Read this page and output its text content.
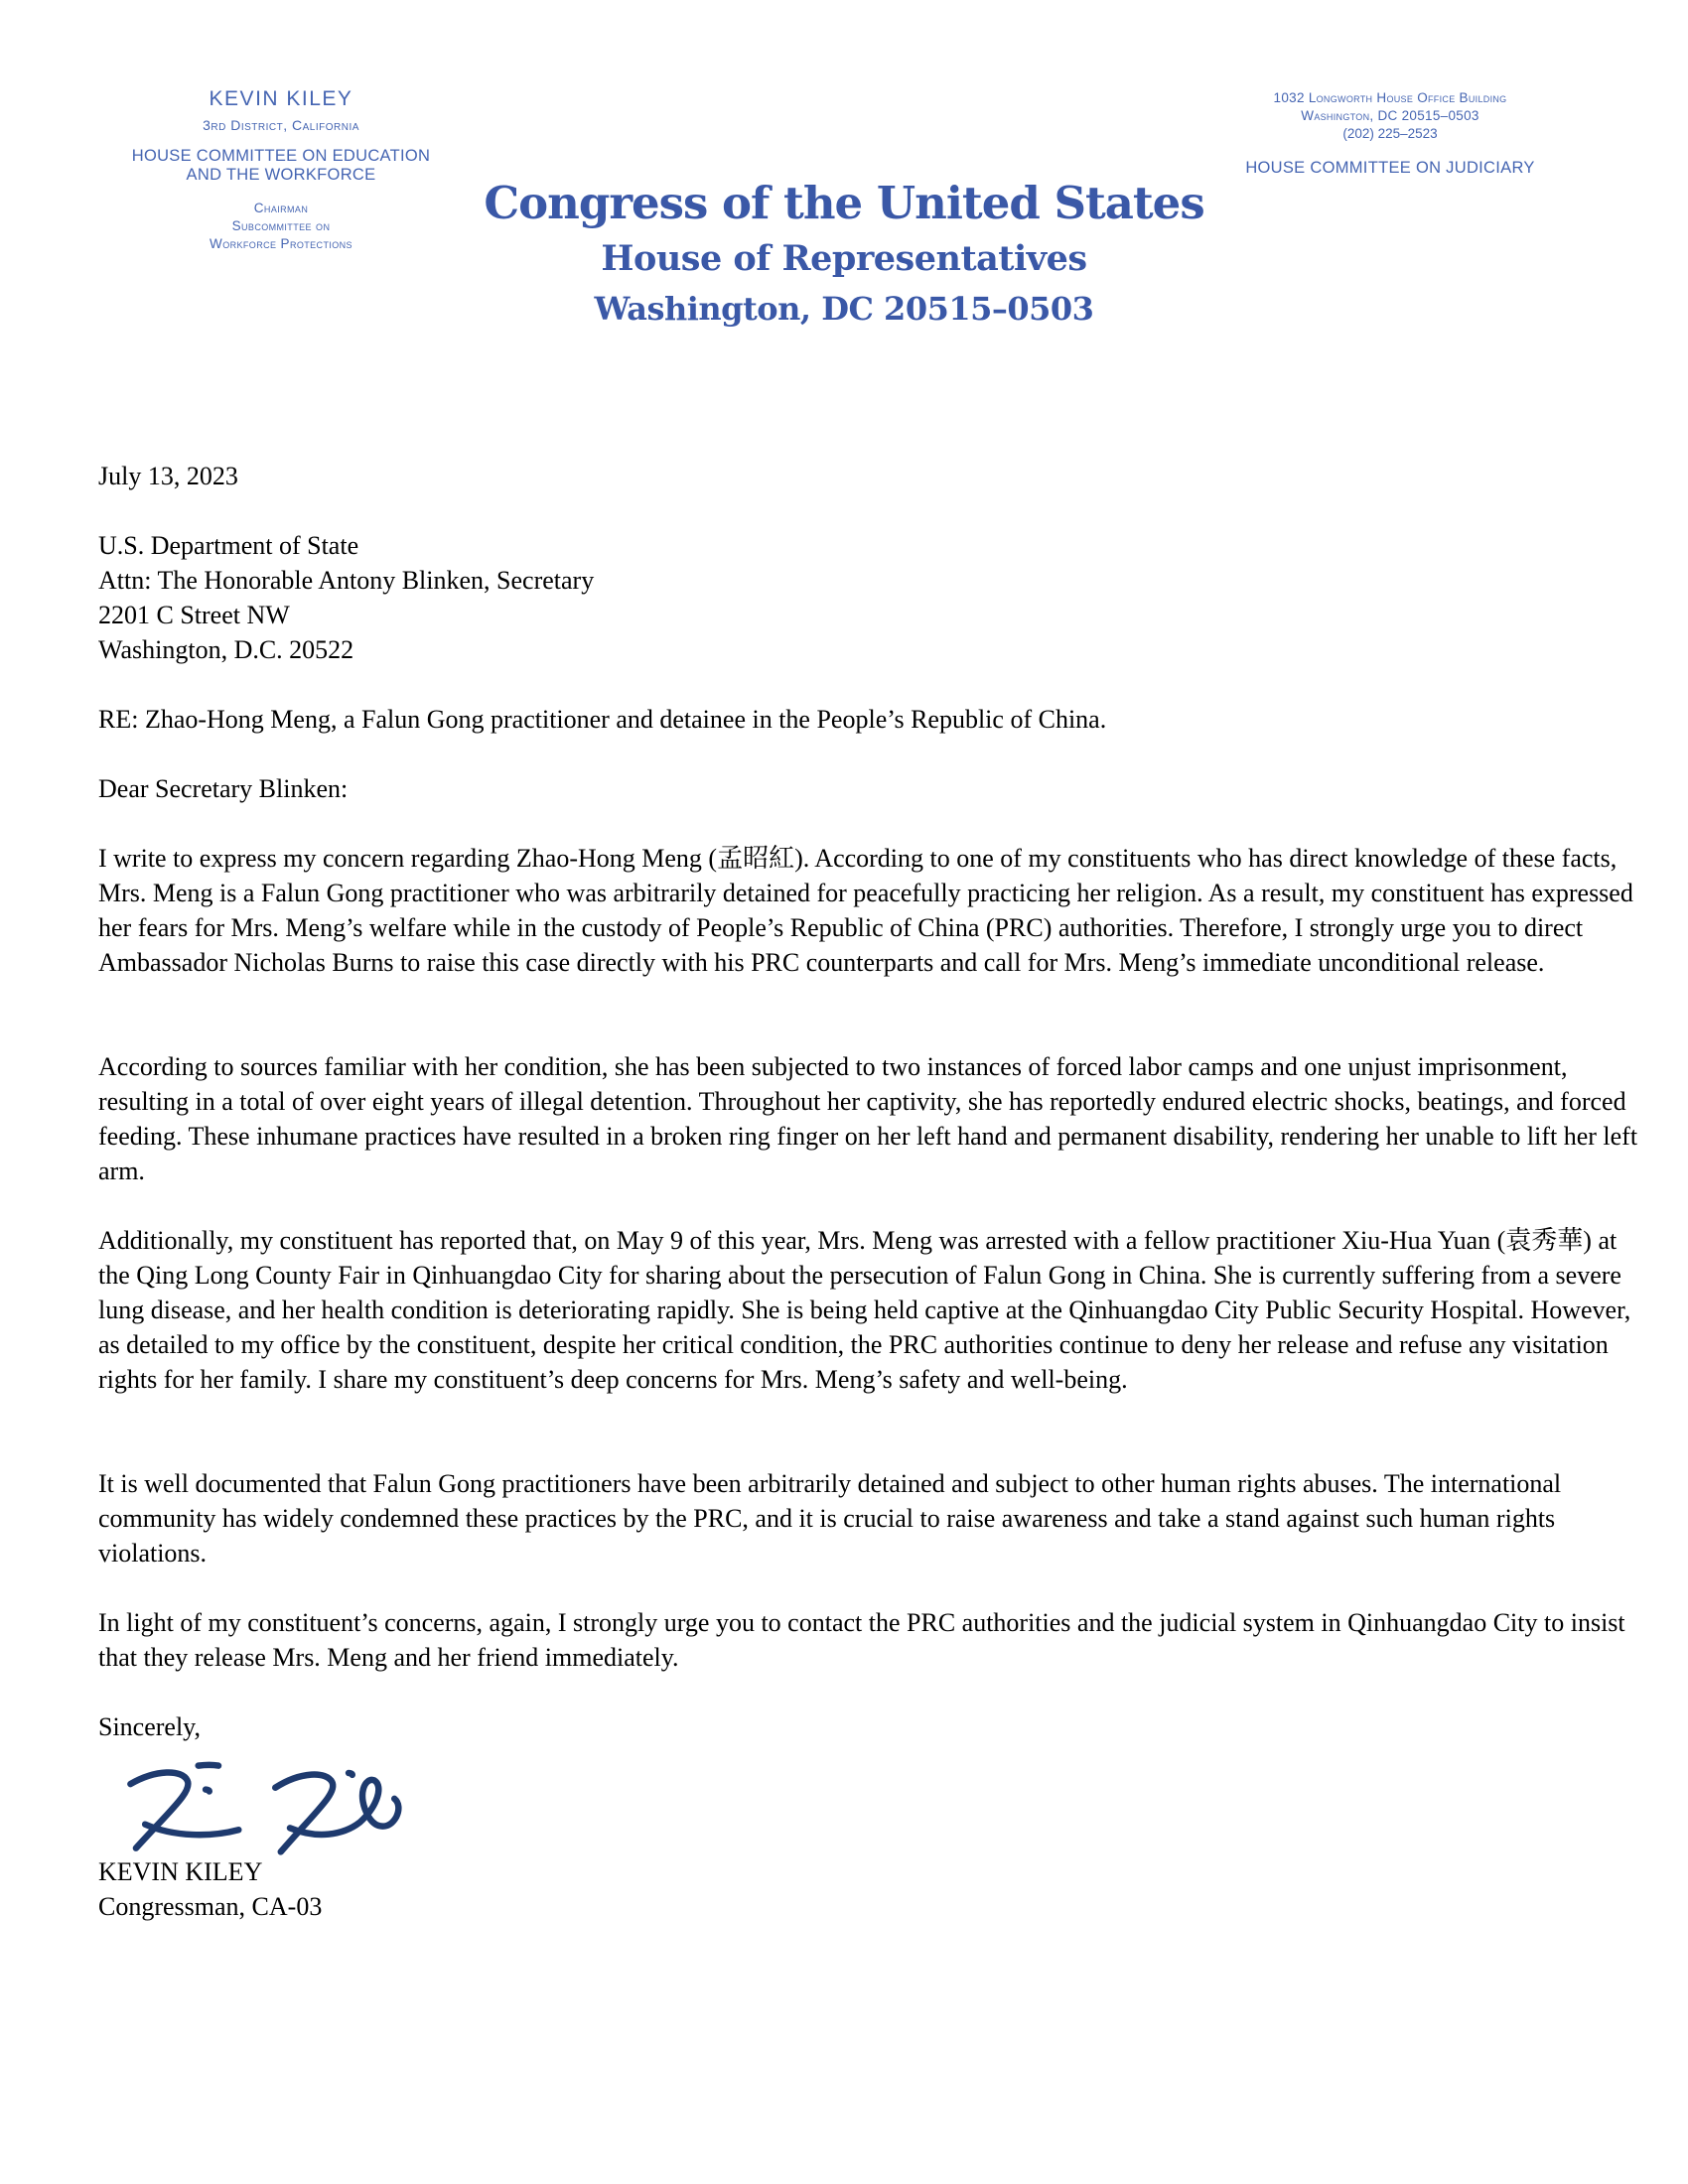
KEVIN KILEY
3rd District, California
HOUSE COMMITTEE ON EDUCATION
AND THE WORKFORCE
Chairman
Subcommittee on
Workforce Protections
1032 Longworth House Office Building
Washington, DC 20515–0503
(202) 225–2523
HOUSE COMMITTEE ON JUDICIARY
Congress of the United States
House of Representatives
Washington, DC 20515–0503
July 13, 2023
U.S. Department of State
Attn: The Honorable Antony Blinken, Secretary
2201 C Street NW
Washington, D.C. 20522
RE: Zhao-Hong Meng, a Falun Gong practitioner and detainee in the People’s Republic of China.
Dear Secretary Blinken:
I write to express my concern regarding Zhao-Hong Meng (孟昭紅). According to one of my constituents who has direct knowledge of these facts, Mrs. Meng is a Falun Gong practitioner who was arbitrarily detained for peacefully practicing her religion. As a result, my constituent has expressed her fears for Mrs. Meng’s welfare while in the custody of People’s Republic of China (PRC) authorities. Therefore, I strongly urge you to direct Ambassador Nicholas Burns to raise this case directly with his PRC counterparts and call for Mrs. Meng’s immediate unconditional release.
According to sources familiar with her condition, she has been subjected to two instances of forced labor camps and one unjust imprisonment, resulting in a total of over eight years of illegal detention. Throughout her captivity, she has reportedly endured electric shocks, beatings, and forced feeding. These inhumane practices have resulted in a broken ring finger on her left hand and permanent disability, rendering her unable to lift her left arm.
Additionally, my constituent has reported that, on May 9 of this year, Mrs. Meng was arrested with a fellow practitioner Xiu-Hua Yuan (袁秀華) at the Qing Long County Fair in Qinhuangdao City for sharing about the persecution of Falun Gong in China. She is currently suffering from a severe lung disease, and her health condition is deteriorating rapidly. She is being held captive at the Qinhuangdao City Public Security Hospital. However, as detailed to my office by the constituent, despite her critical condition, the PRC authorities continue to deny her release and refuse any visitation rights for her family. I share my constituent’s deep concerns for Mrs. Meng’s safety and well-being.
It is well documented that Falun Gong practitioners have been arbitrarily detained and subject to other human rights abuses. The international community has widely condemned these practices by the PRC, and it is crucial to raise awareness and take a stand against such human rights violations.
In light of my constituent’s concerns, again, I strongly urge you to contact the PRC authorities and the judicial system in Qinhuangdao City to insist that they release Mrs. Meng and her friend immediately.
Sincerely,
KEVIN KILEY
Congressman, CA-03
